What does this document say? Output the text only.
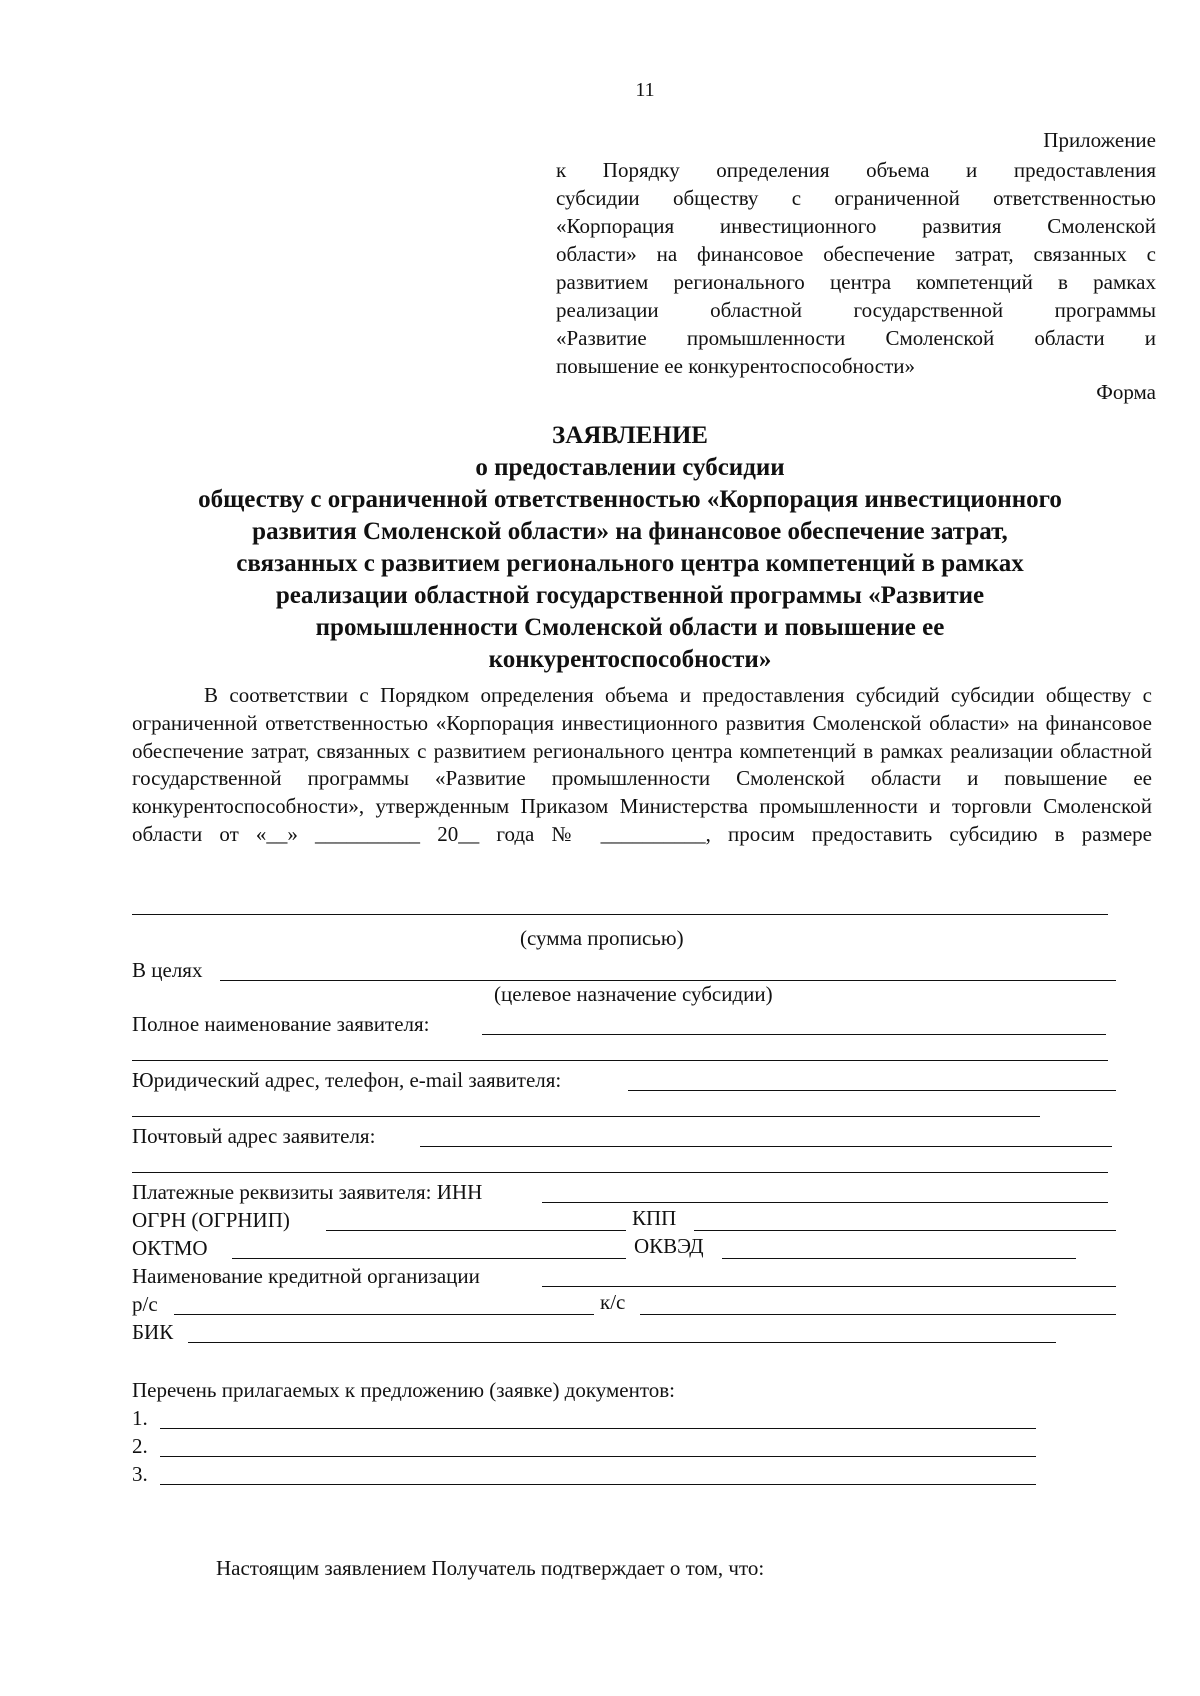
11
Приложение
к Порядку определения объема и предоставления
субсидии обществу с ограниченной ответственностью
«Корпорация инвестиционного развития Смоленской
области» на финансовое обеспечение затрат, связанных с
развитием регионального центра компетенций в рамках
реализации областной государственной программы
«Развитие промышленности Смоленской области и
повышение ее конкурентоспособности»
Форма
ЗАЯВЛЕНИЕ
о предоставлении субсидии
обществу с ограниченной ответственностью «Корпорация инвестиционного
развития Смоленской области» на финансовое обеспечение затрат,
связанных с развитием регионального центра компетенций в рамках
реализации областной государственной программы «Развитие
промышленности Смоленской области и повышение ее
конкурентоспособности»
В соответствии с Порядком определения объема и предоставления субсидий субсидии обществу с ограниченной ответственностью «Корпорация инвестиционного развития Смоленской области» на финансовое обеспечение затрат, связанных с развитием регионального центра компетенций в рамках реализации областной государственной программы «Развитие промышленности Смоленской области и повышение ее конкурентоспособности», утвержденным Приказом Министерства промышленности и торговли Смоленской области от «__» __________ 20__ года № __________, просим предоставить субсидию в размере
(сумма прописью)
В целях
(целевое назначение субсидии)
Полное наименование заявителя:
Юридический адрес, телефон, e-mail заявителя:
Почтовый адрес заявителя:
Платежные реквизиты заявителя: ИНН
ОГРН (ОГРНИП)	КПП
ОКТМО	ОКВЭД
Наименование кредитной организации
р/с	к/с
БИК
Перечень прилагаемых к предложению (заявке) документов:
1.
2.
3.
Настоящим заявлением Получатель подтверждает о том, что:
